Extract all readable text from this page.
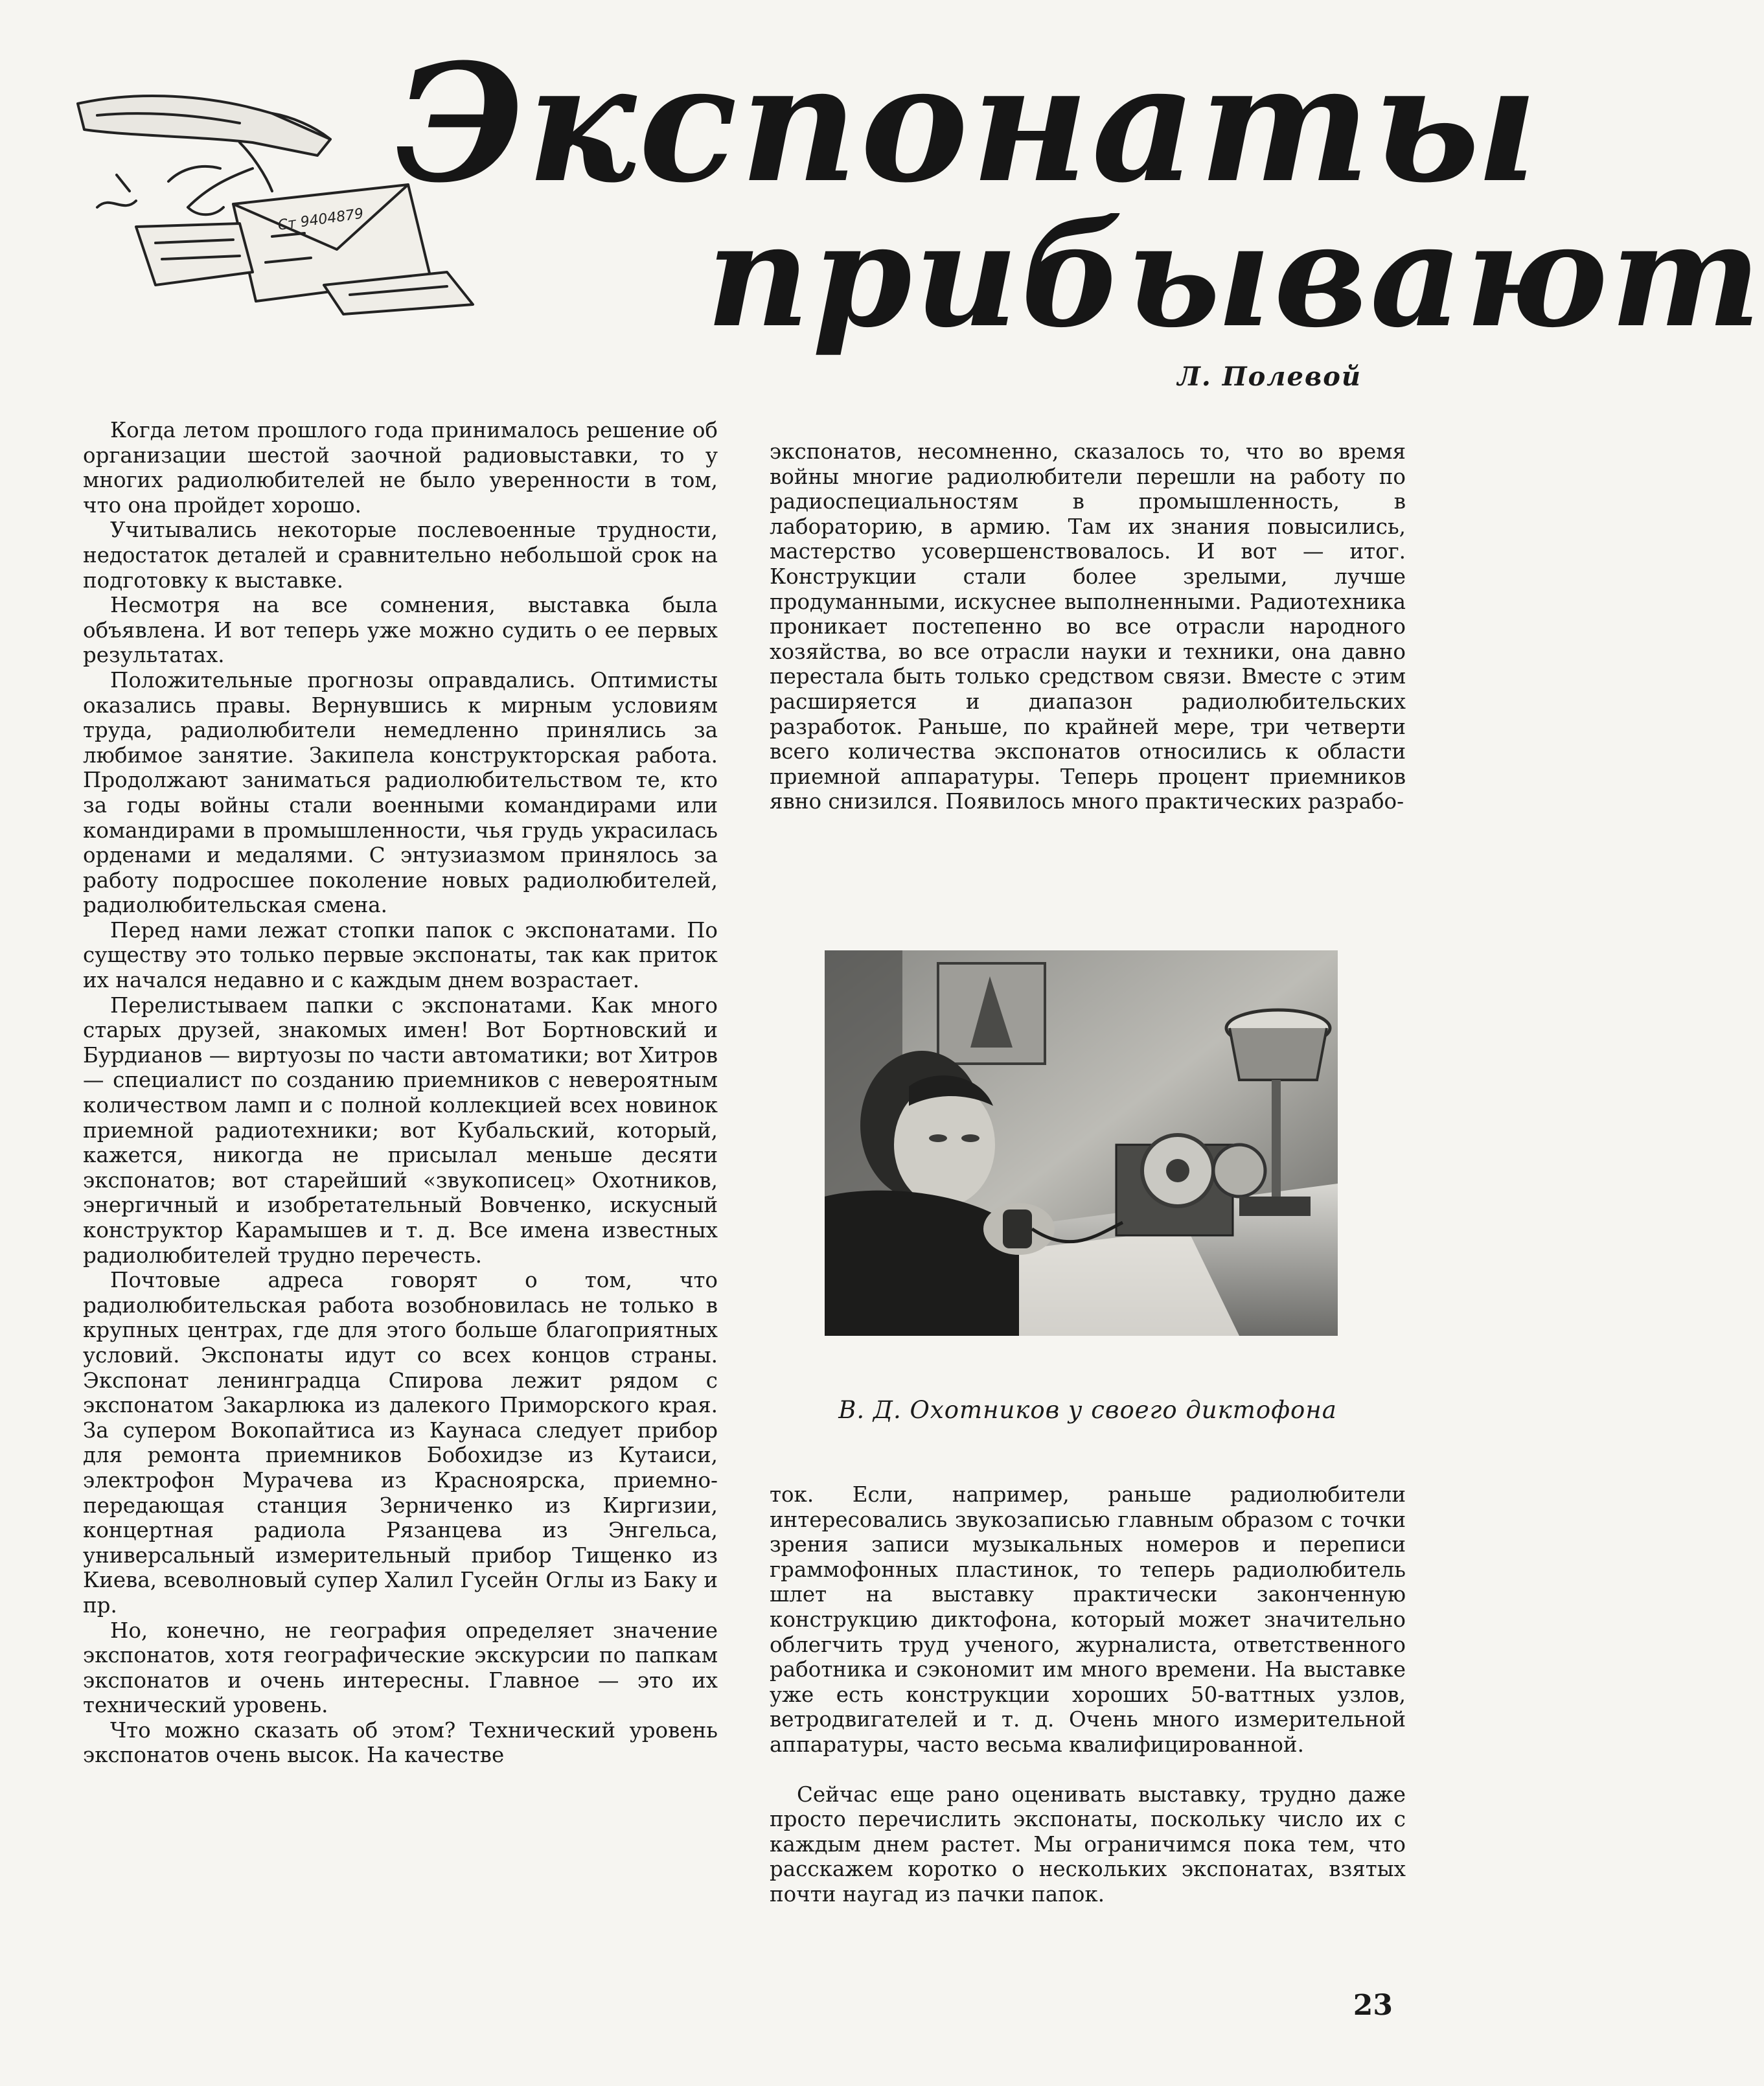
Ст 9404879
Экспонаты
прибывают

Л. Полевой

Когда летом прошлого года принималось решение об организации шестой заочной радиовыставки, то у многих радиолюбителей не было уверенности в том, что она пройдет хорошо.

Учитывались некоторые послевоенные трудности, недостаток деталей и сравнительно небольшой срок на подготовку к выставке.

Несмотря на все сомнения, выставка была объявлена. И вот теперь уже можно судить о ее первых результатах.

Положительные прогнозы оправдались. Оптимисты оказались правы. Вернувшись к мирным условиям труда, радиолюбители немедленно принялись за любимое занятие. Закипела конструкторская работа. Продолжают заниматься радиолюбительством те, кто за годы войны стали военными командирами или командирами в промышленности, чья грудь украсилась орденами и медалями. С энтузиазмом принялось за работу подросшее поколение новых радиолюбителей, радиолюбительская смена.

Перед нами лежат стопки папок с экспонатами. По существу это только первые экспонаты, так как приток их начался недавно и с каждым днем возрастает.

Перелистываем папки с экспонатами. Как много старых друзей, знакомых имен! Вот Бортновский и Бурдианов — виртуозы по части автоматики; вот Хитров — специалист по созданию приемников с невероятным количеством ламп и с полной коллекцией всех новинок приемной радиотехники; вот Кубальский, который, кажется, никогда не присылал меньше десяти экспонатов; вот старейший «звукописец» Охотников, энергичный и изобретательный Вовченко, искусный конструктор Карамышев и т. д. Все имена известных радиолюбителей трудно перечесть.

Почтовые адреса говорят о том, что радиолюбительская работа возобновилась не только в крупных центрах, где для этого больше благоприятных условий. Экспонаты идут со всех концов страны. Экспонат ленинградца Спирова лежит рядом с экспонатом Закарлюка из далекого Приморского края. За супером Вокопайтиса из Каунаса следует прибор для ремонта приемников Бобохидзе из Кутаиси, электрофон Мурачева из Красноярска, приемно-передающая станция Зерниченко из Киргизии, концертная радиола Рязанцева из Энгельса, универсальный измерительный прибор Тищенко из Киева, всеволновый супер Халил Гусейн Оглы из Баку и пр.

Но, конечно, не география определяет значение экспонатов, хотя географические экскурсии по папкам экспонатов и очень интересны. Главное — это их технический уровень.

Что можно сказать об этом? Технический уровень экспонатов очень высок. На качестве

экспонатов, несомненно, сказалось то, что во время войны многие радиолюбители перешли на работу по радиоспециальностям в промышленность, в лабораторию, в армию. Там их знания повысились, мастерство усовершенствовалось. И вот — итог. Конструкции стали более зрелыми, лучше продуманными, искуснее выполненными. Радиотехника проникает постепенно во все отрасли народного хозяйства, во все отрасли науки и техники, она давно перестала быть только средством связи. Вместе с этим расширяется и диапазон радиолюбительских разработок. Раньше, по крайней мере, три четверти всего количества экспонатов относились к области приемной аппаратуры. Теперь процент приемников явно снизился. Появилось много практических разрабо-

В. Д. Охотников у своего диктофона

ток. Если, например, раньше радиолюбители интересовались звукозаписью главным образом с точки зрения записи музыкальных номеров и переписи граммофонных пластинок, то теперь радиолюбитель шлет на выставку практически законченную конструкцию диктофона, который может значительно облегчить труд ученого, журналиста, ответственного работника и сэкономит им много времени. На выставке уже есть конструкции хороших 50-ваттных узлов, ветродвигателей и т. д. Очень много измерительной аппаратуры, часто весьма квалифицированной.

Сейчас еще рано оценивать выставку, трудно даже просто перечислить экспонаты, поскольку число их с каждым днем растет. Мы ограничимся пока тем, что расскажем коротко о нескольких экспонатах, взятых почти наугад из пачки папок.

23
